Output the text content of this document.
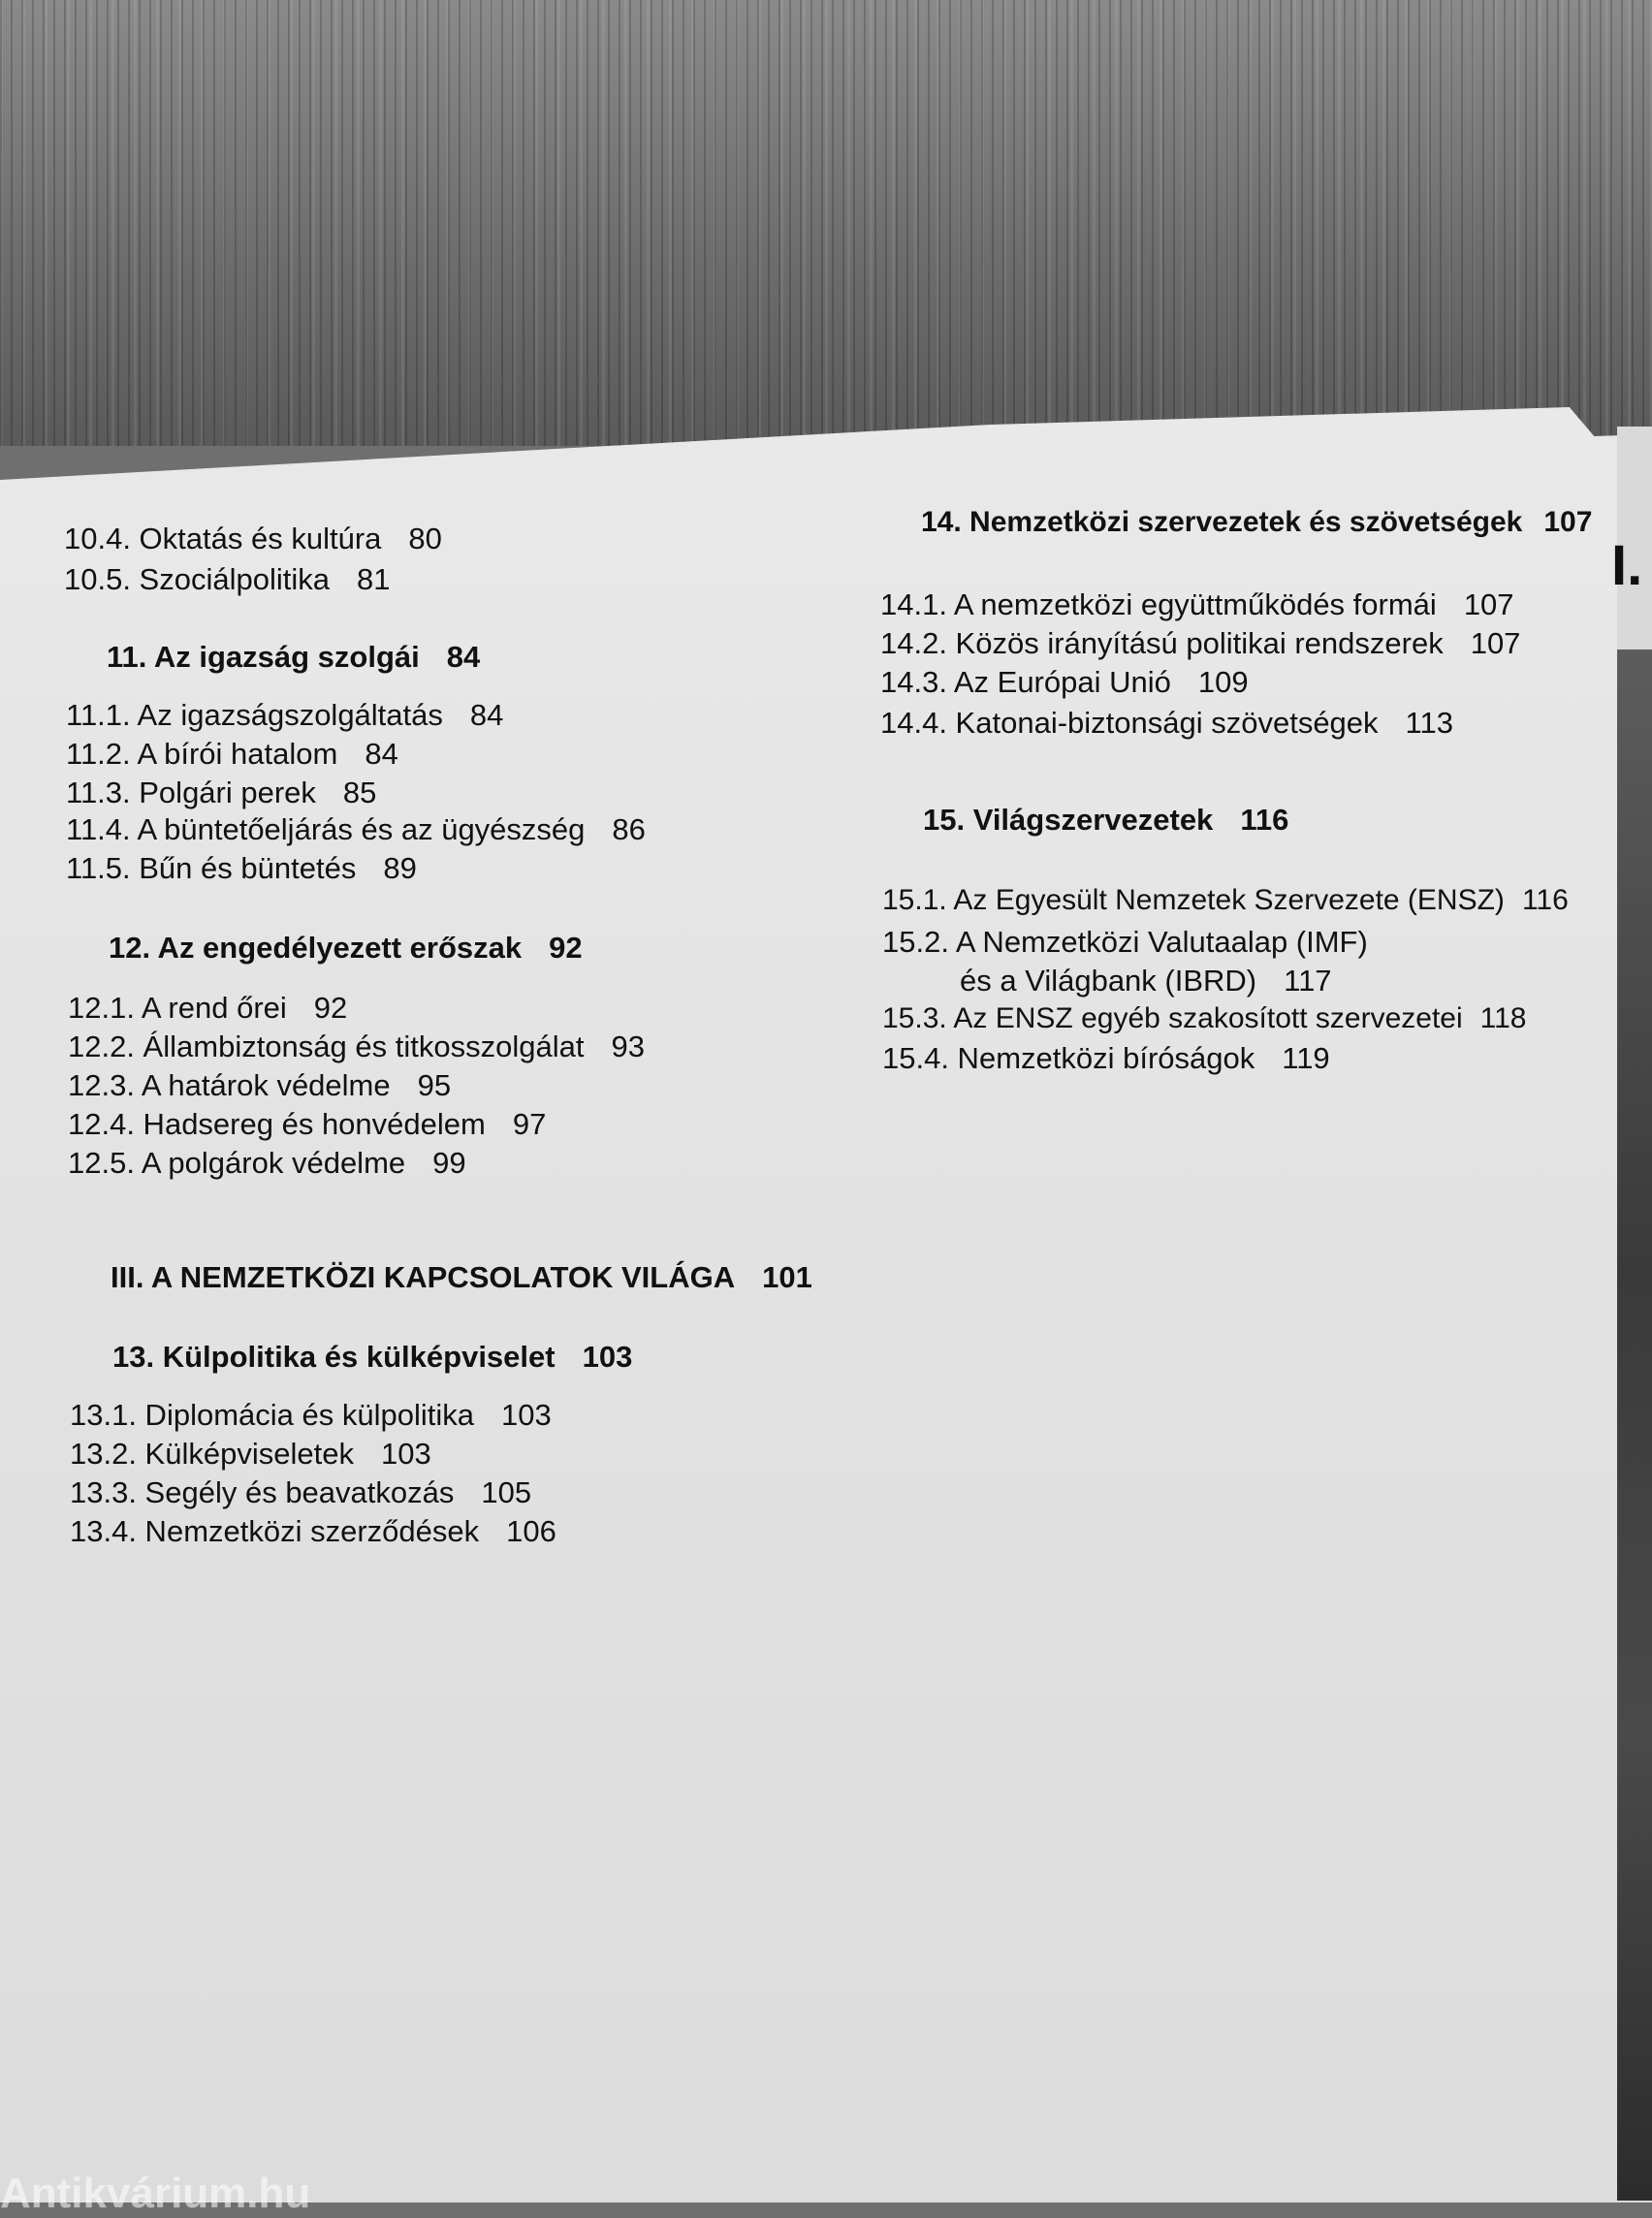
I.

10.4. Oktatás és kultúra 80
10.5. Szociálpolitika 81
11. Az igazság szolgái 84
11.1. Az igazságszolgáltatás 84
11.2. A bírói hatalom 84
11.3. Polgári perek 85
11.4. A büntetőeljárás és az ügyészség 86
11.5. Bűn és büntetés 89
12. Az engedélyezett erőszak 92
12.1. A rend őrei 92
12.2. Állambiztonság és titkosszolgálat 93
12.3. A határok védelme 95
12.4. Hadsereg és honvédelem 97
12.5. A polgárok védelme 99
III. A NEMZETKÖZI KAPCSOLATOK VILÁGA 101
13. Külpolitika és külképviselet 103
13.1. Diplomácia és külpolitika 103
13.2. Külképviseletek 103
13.3. Segély és beavatkozás 105
13.4. Nemzetközi szerződések 106
14. Nemzetközi szervezetek és szövetségek 107
14.1. A nemzetközi együttműködés formái 107
14.2. Közös irányítású politikai rendszerek 107
14.3. Az Európai Unió 109
14.4. Katonai-biztonsági szövetségek 113
15. Világszervezetek 116
15.1. Az Egyesült Nemzetek Szervezete (ENSZ) 116
15.2. A Nemzetközi Valutaalap (IMF)
és a Világbank (IBRD) 117
15.3. Az ENSZ egyéb szakosított szervezetei 118
15.4. Nemzetközi bíróságok 119
Antikvárium.hu
